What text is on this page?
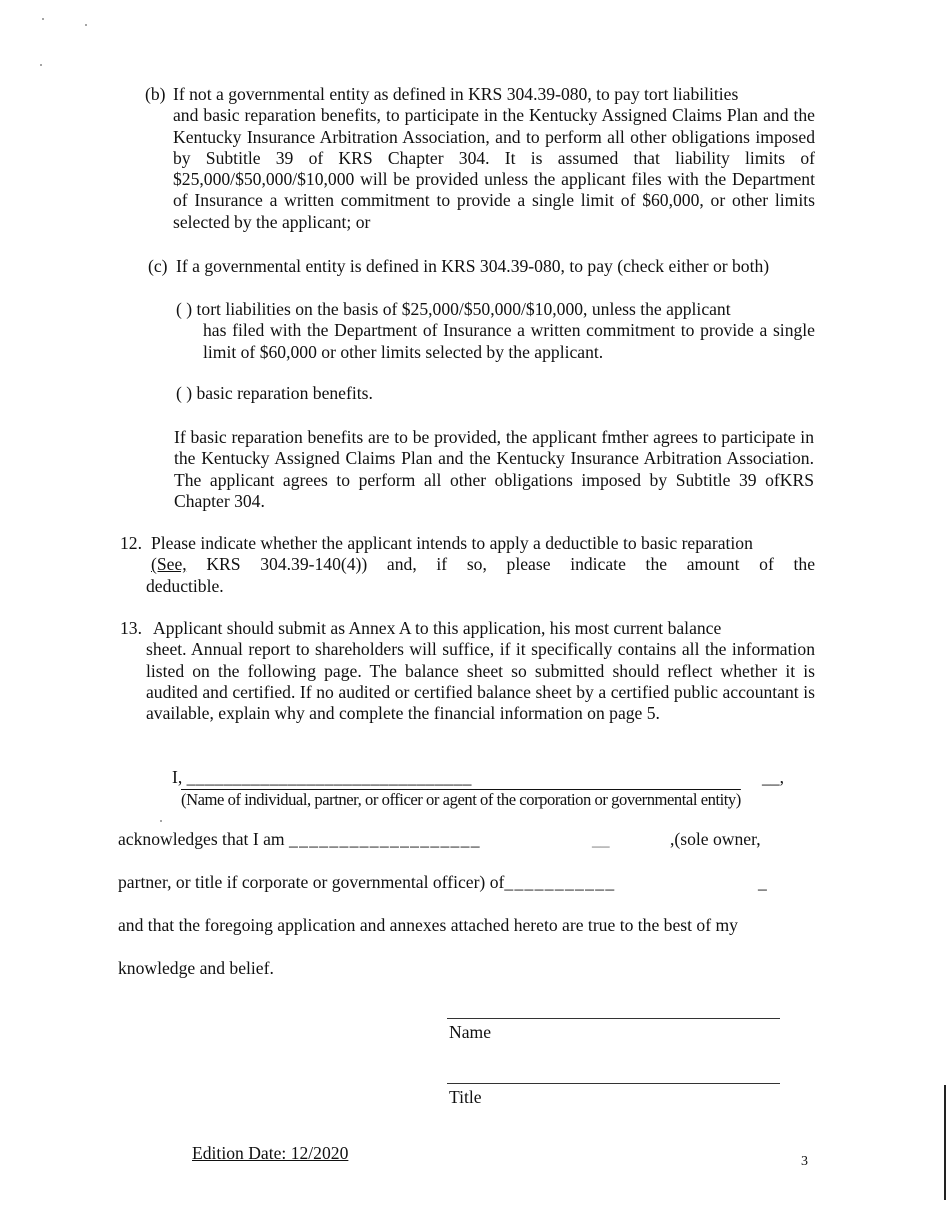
(b) If not a governmental entity as defined in KRS 304.39-080, to pay tort liabilities
and basic reparation benefits, to participate in the Kentucky Assigned Claims Plan and the Kentucky Insurance Arbitration Association, and to perform all other obligations imposed by Subtitle 39 of KRS Chapter 304. It is assumed that liability limits of $25,000/$50,000/$10,000 will be provided unless the applicant files with the Department of Insurance a written commitment to provide a single limit of $60,000, or other limits selected by the applicant; or
(c) If a governmental entity is defined in KRS 304.39-080, to pay (check either or both)
( ) tort liabilities on the basis of $25,000/$50,000/$10,000, unless the applicant
has filed with the Department of Insurance a written commitment to provide a single limit of $60,000 or other limits selected by the applicant.
( ) basic reparation benefits.
If basic reparation benefits are to be provided, the applicant fmther agrees to participate in the Kentucky Assigned Claims Plan and the Kentucky Insurance Arbitration Association. The applicant agrees to perform all other obligations imposed by Subtitle 39 ofKRS Chapter 304.
12. Please indicate whether the applicant intends to apply a deductible to basic reparation
(See, KRS 304.39-140(4)) and, if so, please indicate the amount of the
deductible.
13. Applicant should submit as Annex A to this application, his most current balance
sheet. Annual report to shareholders will suffice, if it specifically contains all the information listed on the following page. The balance sheet so submitted should reflect whether it is audited and certified. If no audited or certified balance sheet by a certified public accountant is available, explain why and complete the financial information on page 5.
I, _______________________________	__,
(Name of individual, partner, or officer or agent of the corporation or governmental entity)
acknowledges that I am ___________________	__	,(sole owner,
partner, or title if corporate or governmental officer) of___________	_
and that the foregoing application and annexes attached hereto are true to the best of my
knowledge and belief.
Name
Title
3
Edition Date: 12/2020
